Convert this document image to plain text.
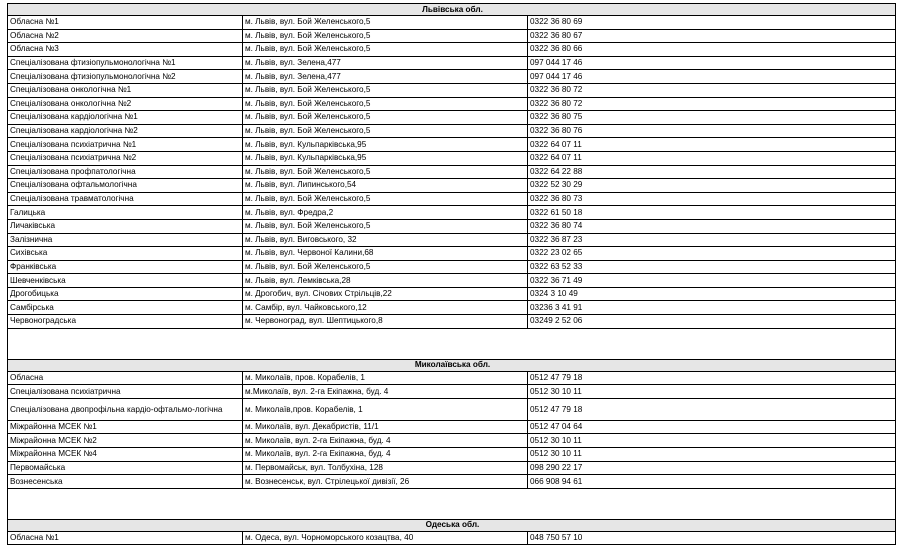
Львівська обл.		
Обласна №1	м. Львів, вул. Бой Желенського,5	0322 36 80 69
Обласна №2	м. Львів, вул. Бой Желенського,5	0322 36 80 67
Обласна №3	м. Львів, вул. Бой Желенського,5	0322 36 80 66
Спеціалізована фтизіопульмонологічна №1	м. Львів, вул. Зелена,477	097 044 17 46
Спеціалізована фтизіопульмонологічна №2	м. Львів, вул. Зелена,477	097 044 17 46
Спеціалізована онкологічна №1	м. Львів, вул. Бой Желенського,5	0322 36 80 72
Спеціалізована онкологічна №2	м. Львів, вул. Бой Желенського,5	0322 36 80 72
Спеціалізована кардіологічна №1	м. Львів, вул. Бой Желенського,5	0322 36 80 75
Спеціалізована кардіологічна №2	м. Львів, вул. Бой Желенського,5	0322 36 80 76
Спеціалізована психіатрична №1	м. Львів, вул. Кульпарківська,95	0322 64 07 11
Спеціалізована психіатрична №2	м. Львів, вул. Кульпарківська,95	0322 64 07 11
Спеціалізована профпатологічна	м. Львів, вул. Бой Желенського,5	0322 64 22 88
Спеціалізована офтальмологічна	м. Львів, вул. Липинського,54	0322 52 30 29
Спеціалізована травматологічна	м. Львів, вул. Бой Желенського,5	0322 36 80 73
Галицька	м. Львів, вул. Фредра,2	0322 61 50 18
Личаківська	м. Львів, вул. Бой Желенського,5	0322 36 80 74
Залізнична	м. Львів, вул. Виговського, 32	0322 36 87 23
Сихівська	м. Львів, вул. Червоної Калини,68	0322 23 02 65
Франківська	м. Львів, вул. Бой Желенського,5	0322 63 52 33
Шевченківська	м. Львів, вул. Лемківська,28	0322 36 71 49
Дрогобицька	м. Дрогобич, вул. Січових Стрільців,22	0324 3 10 49
Самбірська	м. Самбір, вул. Чайковського,12	03236 3 41 91
Червоноградська	м. Червоноград, вул. Шептицького,8	03249 2 52 06

Миколаївська обл.		
Обласна	м. Миколаїв, пров. Корабелів, 1	0512 47 79 18
Спеціалізована психіатрична	м.Миколаїв, вул. 2-га Екіпажна, буд. 4	0512 30 10 11
Спеціалізована двопрофільна кардіо-офтальмо-логічна	м. Миколаїв,пров. Корабелів, 1	0512 47 79 18
Міжрайонна МСЕК №1	м. Миколаїв, вул. Декабристів, 11/1	0512 47 04 64
Міжрайонна МСЕК №2	м. Миколаїв, вул. 2-га Екіпажна, буд. 4	0512 30 10 11
Міжрайонна МСЕК №4	м. Миколаїв, вул. 2-га Екіпажна, буд. 4	0512 30 10 11
Первомайська	м. Первомайськ, вул. Толбухіна, 128	098 290 22 17
Вознесенська	м. Вознесенськ, вул. Стрілецької дивізії, 26	066 908 94 61

Одеська обл.		
Обласна №1	м. Одеса, вул. Чорноморського козацтва, 40	048 750 57 10
